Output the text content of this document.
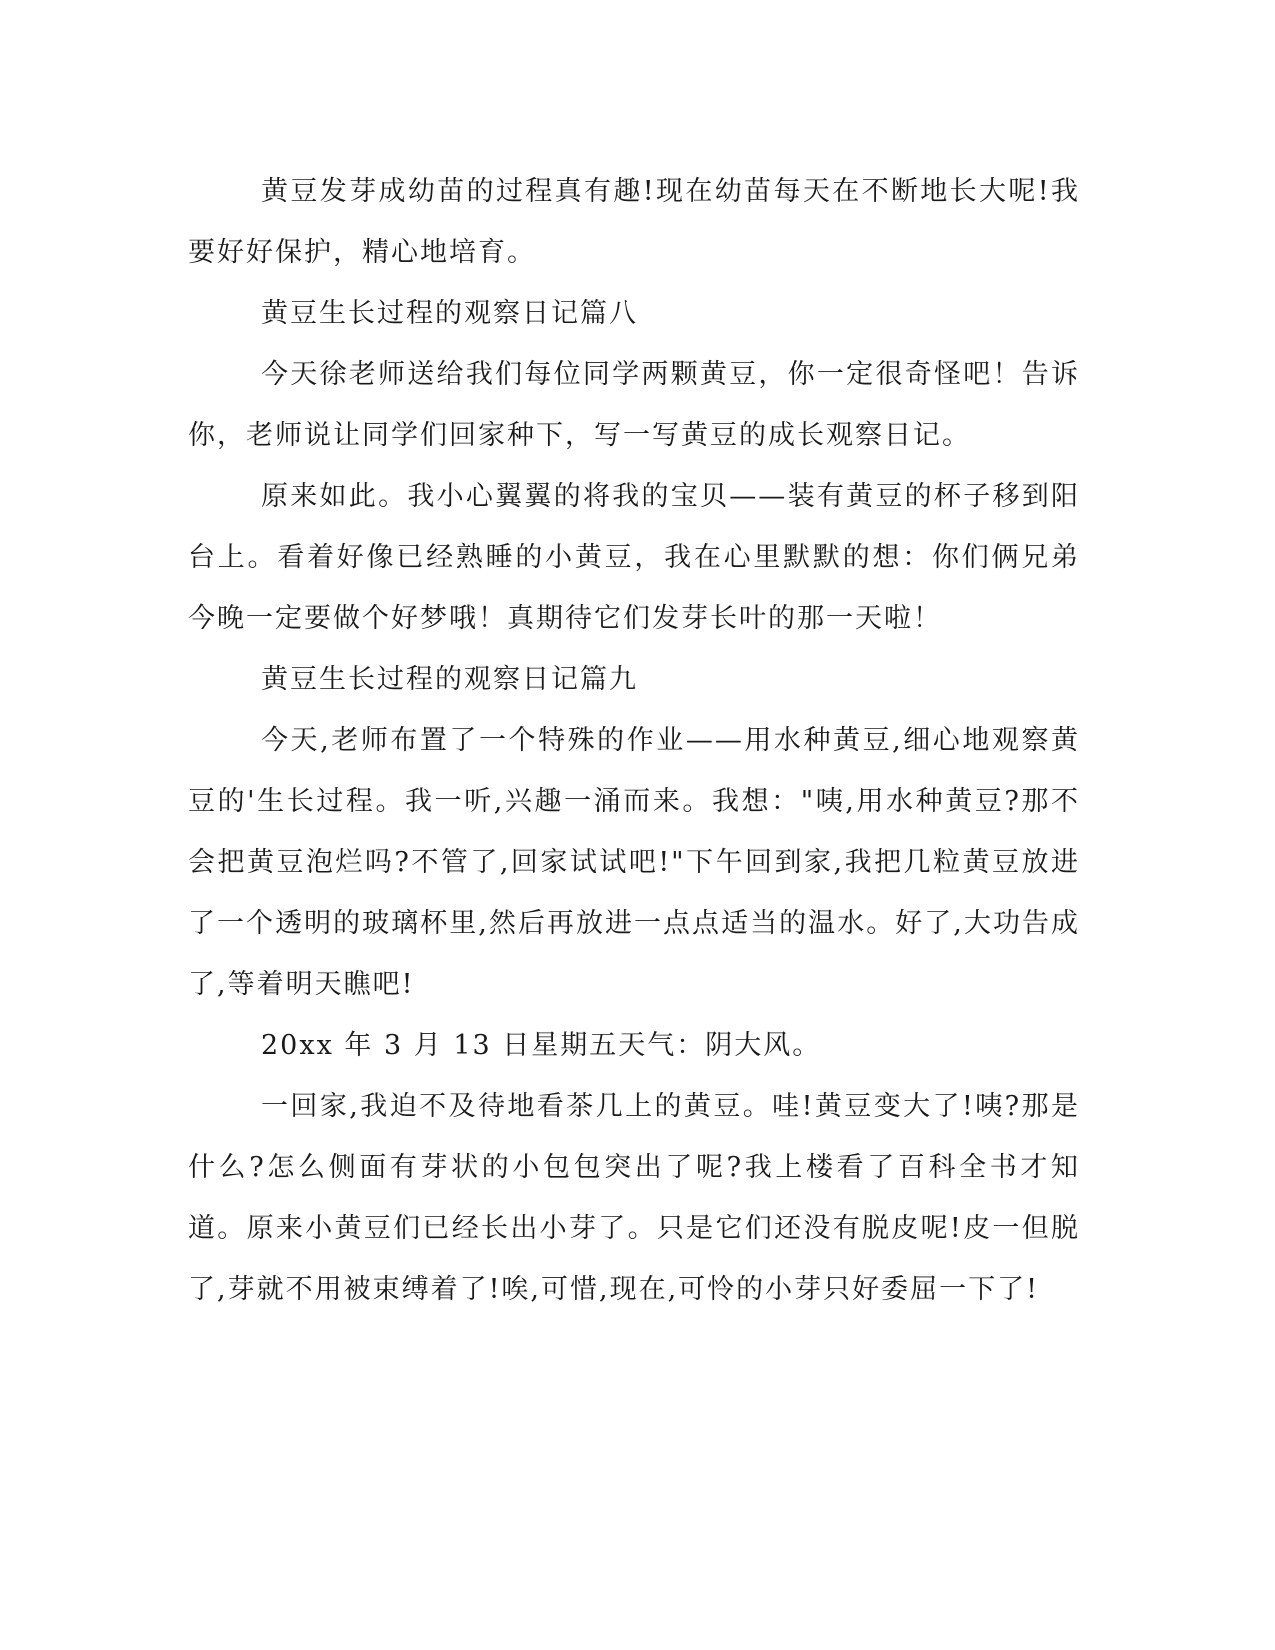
黄豆发芽成幼苗的过程真有趣!现在幼苗每天在不断地长大呢!我要好好保护，精心地培育。

黄豆生长过程的观察日记篇八

今天徐老师送给我们每位同学两颗黄豆，你一定很奇怪吧！告诉你，老师说让同学们回家种下，写一写黄豆的成长观察日记。

原来如此。我小心翼翼的将我的宝贝——装有黄豆的杯子移到阳台上。看着好像已经熟睡的小黄豆，我在心里默默的想：你们俩兄弟今晚一定要做个好梦哦！真期待它们发芽长叶的那一天啦！

黄豆生长过程的观察日记篇九

今天,老师布置了一个特殊的作业——用水种黄豆,细心地观察黄豆的'生长过程。我一听,兴趣一涌而来。我想："咦,用水种黄豆?那不会把黄豆泡烂吗?不管了,回家试试吧!"下午回到家,我把几粒黄豆放进了一个透明的玻璃杯里,然后再放进一点点适当的温水。好了,大功告成了,等着明天瞧吧!

20xx 年 3 月 13 日星期五天气：阴大风。

一回家,我迫不及待地看茶几上的黄豆。哇!黄豆变大了!咦?那是什么?怎么侧面有芽状的小包包突出了呢?我上楼看了百科全书才知道。原来小黄豆们已经长出小芽了。只是它们还没有脱皮呢!皮一但脱了,芽就不用被束缚着了!唉,可惜,现在,可怜的小芽只好委屈一下了!
